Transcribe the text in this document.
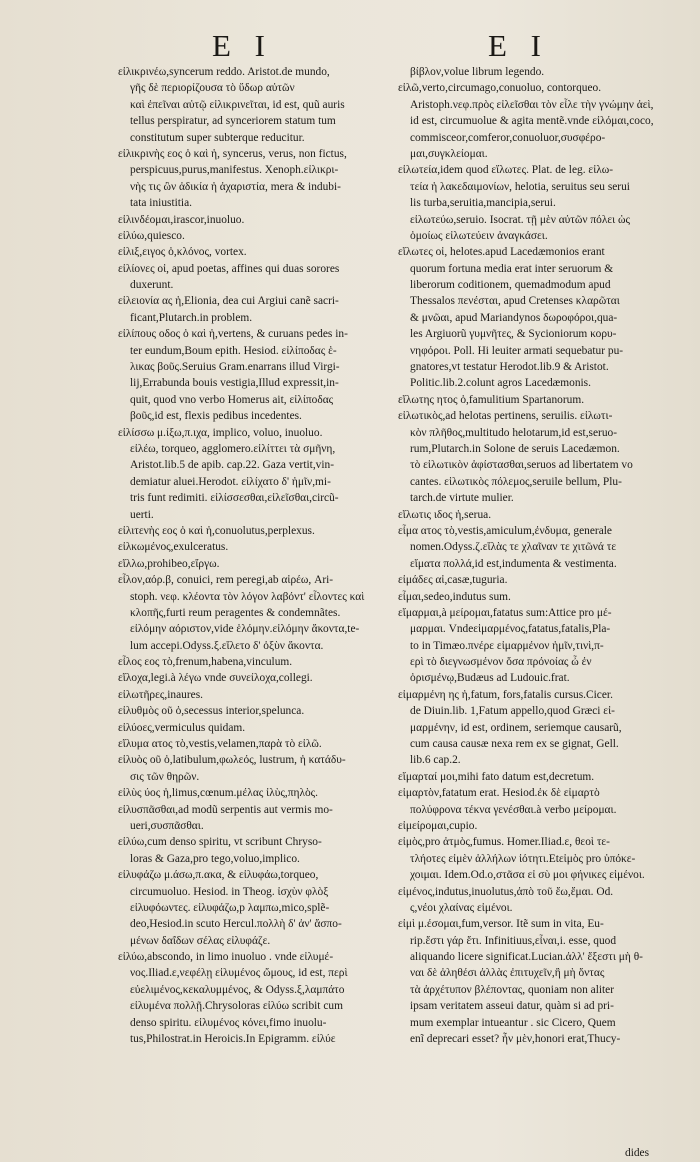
E I	E I
εἰλικρινέω,syncerum reddo. Aristot.de mundo,
γῆς δὲ περιορίζουσα τὸ ὕδωρ αὐτῶν
καὶ ἐπεῖναι αὐτῷ εἰλικρινεῖται, id est, quũ auris
tellus perspiratur, ad synceriorem statum tum
constitutum super subterque reducitur.
εἰλικρινὴς εος ὁ καὶ ἡ, syncerus, verus, non fictus,
perspicuus,purus,manifestus. Xenoph.εἰλικρι-
νὴς τις ὢν ἀδικία ἡ ἀχαριστία, mera & indubi-
tata iniustitia.
εἰλινδέομαι,irascor,inuoluo.
εἰλύω,quiesco.
εἰλιξ,ειγος ὁ,κλόνος, vortex.
εἰλίονες οἱ, apud poetas, affines qui duas sorores
duxerunt.
εἰλειονία ας ἡ,Elionia, dea cui Argiui canẽ sacri-
ficant,Plutarch.in problem.
εἰλίπους οδος ὁ καὶ ἡ,vertens, & curuans pedes in-
ter eundum,Boum epith. Hesiod. εἰλίποδας ἑ-
λικας βοῦς.Seruius Gram.enarrans illud Virgi-
lij,Errabunda bouis vestigia,Illud expressit,in-
quit, quod vno verbo Homerus ait, εἰλίποδας
βοῦς,id est, flexis pedibus incedentes.
εἰλίσσω μ.ίξω,π.ιχα, implico, voluo, inuoluo.
εἰλέω, torqueo, agglomero.εἰλίττει τὰ σμῆνη,
Aristot.lib.5 de apib. cap.22. Gaza vertit,vin-
demiatur aluei.Herodot. εἰλίχατο δ' ἡμῖν,mi-
tris funt redimiti. εἰλίσσεσθαι,εἰλεῖσθαι,circũ-
uerti.
εἰλιτενὴς εος ὁ καὶ ἡ,conuolutus,perplexus.
εἰλκωμένος,exulceratus.
εἴλλω,prohibeo,εἴργω.
εἷλον,αόρ.β, conuici, rem peregi,ab αἱρέω, Ari-
stoph. νεφ. κλέοντα τὸν λόγον λαβόντ' εἷλοντες καὶ
κλοπῆς,furti reum peragentes & condemnãtes.
εἰλόμην αόριστον,vide ἑλόμην.εἰλόμην ἄκοντα,te-
lum accepi.Odyss.ξ.εἵλετο δ' ὀξὺν ἄκοντα.
εἶλος εος τὸ,frenum,habena,vinculum.
εἴλοχα,legi.à λέγω vnde συνείλοχα,collegi.
εἰλωτῆρες,inaures.
εἰλυθμὸς οῦ ὁ,secessus interior,spelunca.
εἰλύοες,vermiculus quidam.
εἴλυμα ατος τὸ,vestis,velamen,παρὰ τὸ εἰλῶ.
εἰλυὸς οῦ ὁ,latibulum,φωλεός, lustrum, ἡ κατάδυ-
σις τῶν θηρῶν.
εἰλὺς ύος ἡ,limus,cœnum.μέλας ἰλὺς,πηλὸς.
εἰλυσπᾶσθαι,ad modũ serpentis aut vermis mo-
ueri,συσπᾶσθαι.
εἰλύω,cum denso spiritu, vt scribunt Chryso-
loras & Gaza,pro tego,voluo,implico.
εἰλυφάζω μ.άσω,π.ακα, & εἰλυφάω,torqueo,
circumuoluo. Hesiod. in Theog. ἰσχὺν φλὸξ
εἰλυφόωντες. εἰλυφάζω,p λαμπω,mico,splẽ-
deo,Hesiod.in scuto Hercul.πολλὴ δ' ἀν' ἄσπο-
μένων δαΐδων σέλας εἰλυφάζε.
εἰλύω,abscondo, in limo inuoluo . vnde εἰλυμέ-
νος.Iliad.ε,νεφέλῃ εἰλυμένος ὤμους, id est, περὶ
εὐελιμένος,κεκαλυμμένος, & Odyss.ξ,λαμπάτο
εἰλυμένα πολλῇ.Chrysoloras εἰλύω scribit cum
denso spiritu. εἰλυμένος κόνει,fimo inuolu-
tus,Philostrat.in Heroicis.In Epigramm. εἰλύε
βίβλον,volue librum legendo.
εἰλῶ,verto,circumago,conuoluo, contorqueo.
Aristoph.νεφ.πρὸς εἰλεῖσθαι τὸν εἶλε τὴν γνώμην ἀεὶ,
id est, circumuolue & agita mentẽ.vnde εἰλόμαι,coco,
commisceor,comferor,conuoluor,συσφέρο-
μαι,συγκλείομαι.
εἰλωτεία,idem quod εἵλωτες. Plat. de leg. εἰλω-
τεία ἡ λακεδαιμονίων, helotia, seruitus seu serui
lis turba,seruitia,mancipia,serui.
εἰλωτεύω,seruio. Isocrat. τῇ μὲν αὐτῶν πόλει ὡς
ὁμοίως εἰλωτεύειν ἀναγκάσει.
εἵλωτες οἱ, helotes.apud Lacedæmonios erant
quorum fortuna media erat inter seruorum &
liberorum coditionem, quemadmodum apud
Thessalos πενέσται, apud Cretenses κλαρῶται
& μνῶαι, apud Mariandynos δωροφόροι,qua-
les Argiuorũ γυμνῆτες, & Sycioniorum κορυ-
νηφόροι. Poll. Hi leuiter armati sequebatur pu-
gnatores,vt testatur Herodot.lib.9 & Aristot.
Politic.lib.2.colunt agros Lacedæmonis.
εἵλωτης ητος ὁ,famulitium Spartanorum.
εἱλωτικὸς,ad helotas pertinens, seruilis. εἱλωτι-
κὸν πλῆθος,multitudo helotarum,id est,seruo-
rum,Plutarch.in Solone de seruis Lacedæmon.
τὸ εἱλωτικὸν ἀφίστασθαι,seruos ad libertatem vo
cantes. εἱλωτικὸς πόλεμος,seruile bellum, Plu-
tarch.de virtute mulier.
εἵλωτις ιδος ἡ,serua.
εἷμα ατος τὸ,vestis,amiculum,ἐνδυμα, generale
nomen.Odyss.ζ.εἵλὰς τε χλαῖναν τε χιτῶνά τε
εἵματα πολλά,id est,indumenta & vestimenta.
εἰμάδες αἱ,casæ,tuguria.
εἶμαι,sedeo,indutus sum.
εἵμαρμαι,à μείρομαι,fatatus sum:Attice pro μέ-
μαρμαι. Vndeεἱμαρμένος,fatatus,fatalis,Pla-
to in Timæo.πνέρε εἱμαρμένον ἡμῖν,τινὶ,π-
ερὶ τὸ διεγνωσμένον ὅσα πρόνοίας ὦ ἐν
ὁρισμένῳ,Budæus ad Ludouic.frat.
εἱμαρμένη ης ἡ,fatum, fors,fatalis cursus.Cicer.
de Diuin.lib. 1,Fatum appello,quod Græci εἱ-
μαρμένην, id est, ordinem, seriemque causarũ,
cum causa causæ nexa rem ex se gignat, Gell.
lib.6 cap.2.
εἵμαρταί μοι,mihi fato datum est,decretum.
εἱμαρτὸν,fatatum erat. Hesiod.ἐκ δὲ εἱμαρτὸ
πολύφρονα τέκνα γενέσθαι.à verbo μείρομαι.
εἱμείρομαι,cupio.
εἱμὸς,pro ἀτμὸς,fumus. Homer.Iliad.ε, θεοὶ τε-
τλήοτες εἰμὲν ἀλλήλων ἰότητι.Etεἱμὸς pro ὑπόκε-
χοιμαι. Idem.Od.o,στᾶσα εἰ σὺ μοι φήνικες εἱμένοι.
εἱμένος,indutus,inuolutus,ἀπὸ τοῦ ἕω,ἕμαι. Od.
ς,νέοι χλαίνας εἱμένοι.
εἰμὶ μ.έσομαι,fum,versor. Itẽ sum in vita, Eu-
rip.ἔστι γάρ ἔτι. Infinitiuus,εἶναι,i. esse, quod
aliquando licere significat.Lucian.ἀλλ' ἔξεστι μὴ θ-
ναι δὲ ἀληθέσι ἀλλὰς ἐπιτυχεῖν,ἢ μὴ ὄντας
τὰ ἀρχέτυπον βλέποντας, quoniam non aliter
ipsam veritatem asseui datur, quàm si ad pri-
mum exemplar intueantur . sic Cicero, Quem
enĩ deprecari esset? ἦν μὲν,honori erat,Thucy-
dides
